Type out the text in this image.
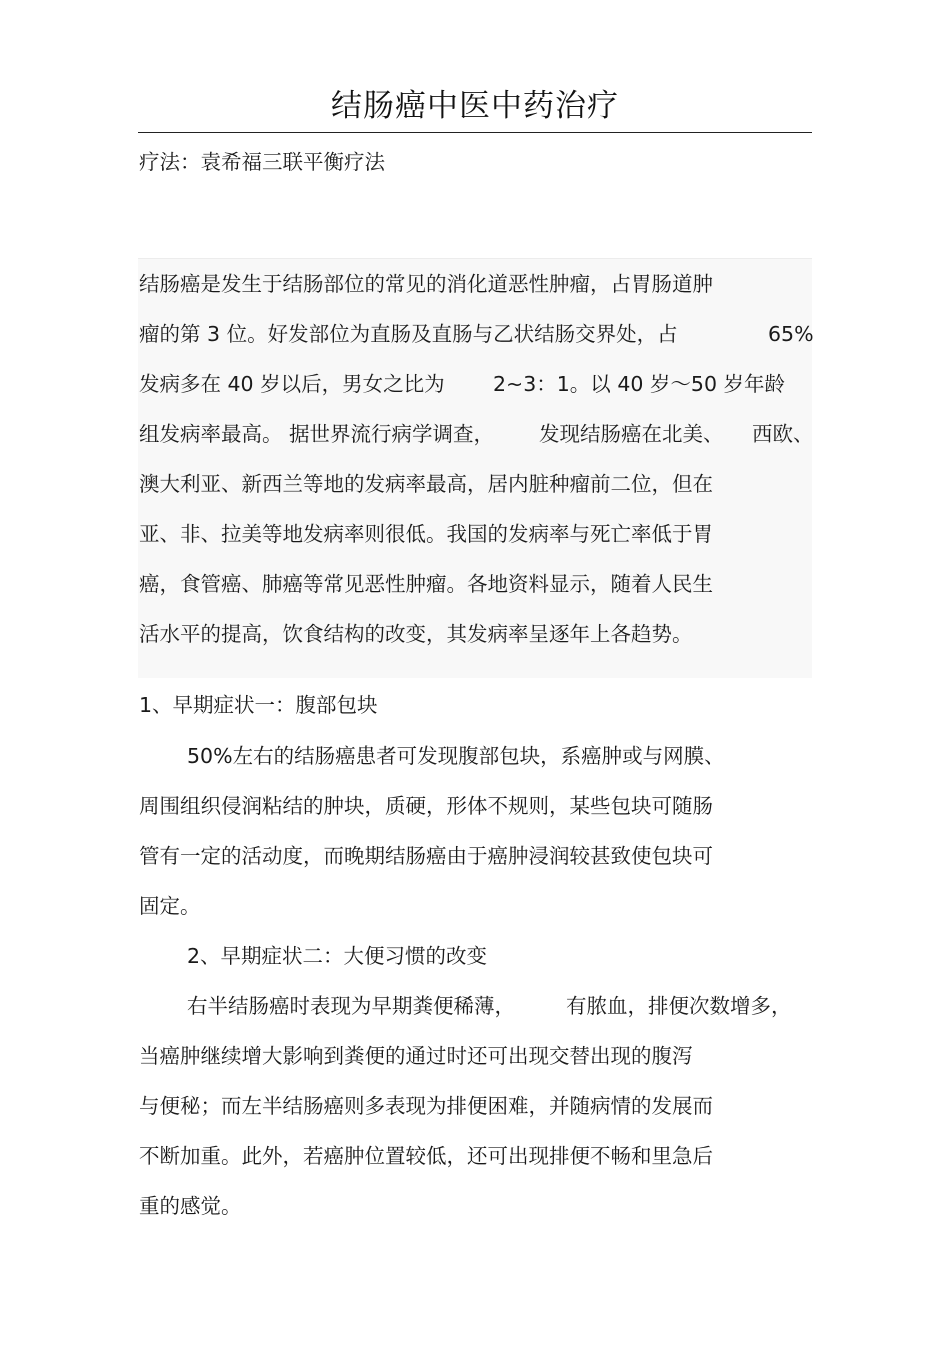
结肠癌中医中药治疗
疗法：袁希福三联平衡疗法
结肠癌是发生于结肠部位的常见的消化道恶性肿瘤，占胃肠道肿
瘤的第 3 位。好发部位为直肠及直肠与乙状结肠交界处，占	65%
发病多在 40 岁以后，男女之比为 2~3：1。以 40 岁～50 岁年龄
组发病率最高。 据世界流行病学调查， 发现结肠癌在北美、 西欧、
澳大利亚、新西兰等地的发病率最高，居内脏种瘤前二位，但在
亚、非、拉美等地发病率则很低。我国的发病率与死亡率低于胃
癌，食管癌、肺癌等常见恶性肿瘤。各地资料显示，随着人民生
活水平的提高，饮食结构的改变，其发病率呈逐年上各趋势。
1、早期症状一：腹部包块
50%左右的结肠癌患者可发现腹部包块，系癌肿或与网膜、
周围组织侵润粘结的肿块，质硬，形体不规则，某些包块可随肠
管有一定的活动度，而晚期结肠癌由于癌肿浸润较甚致使包块可
固定。
2、早期症状二：大便习惯的改变
右半结肠癌时表现为早期粪便稀薄， 有脓血，排便次数增多，
当癌肿继续增大影响到粪便的通过时还可出现交替出现的腹泻
与便秘；而左半结肠癌则多表现为排便困难，并随病情的发展而
不断加重。此外，若癌肿位置较低，还可出现排便不畅和里急后
重的感觉。
